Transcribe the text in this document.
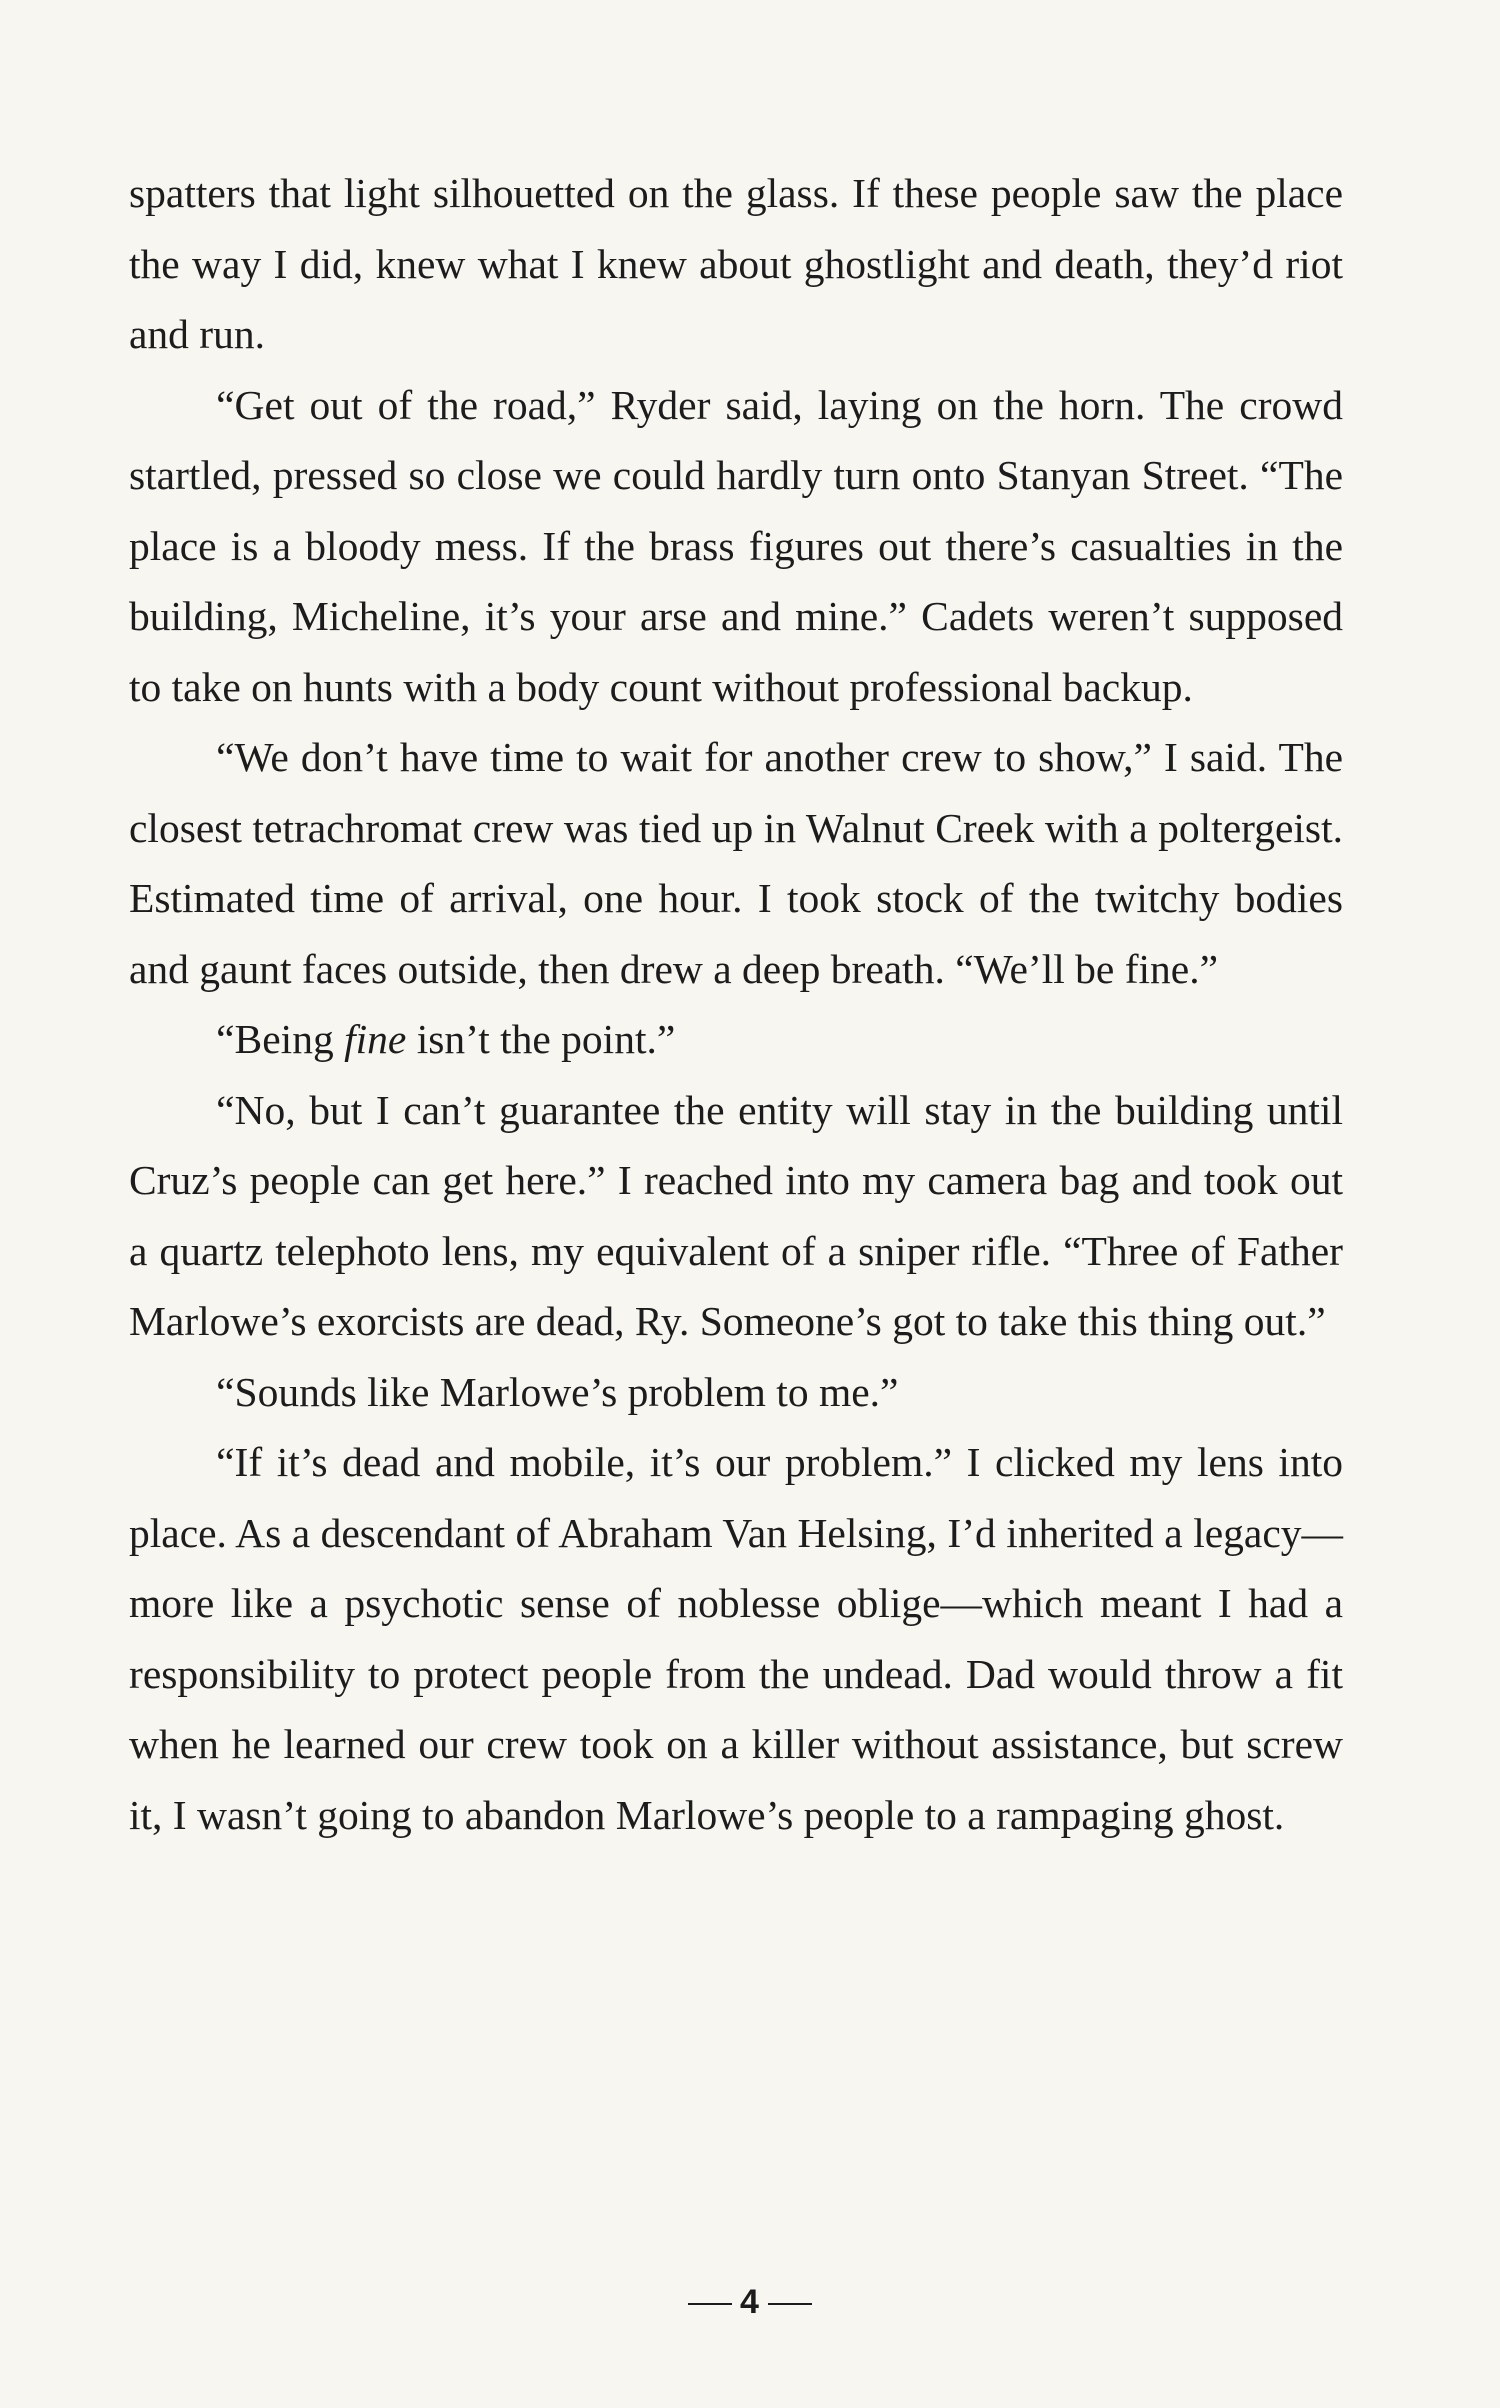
spatters that light silhouetted on the glass. If these people saw the place the way I did, knew what I knew about ghostlight and death, they’d riot and run.

“Get out of the road,” Ryder said, laying on the horn. The crowd startled, pressed so close we could hardly turn onto Stanyan Street. “The place is a bloody mess. If the brass figures out there’s casualties in the building, Micheline, it’s your arse and mine.” Cadets weren’t supposed to take on hunts with a body count without professional backup.

“We don’t have time to wait for another crew to show,” I said. The closest tetrachromat crew was tied up in Walnut Creek with a poltergeist. Estimated time of arrival, one hour. I took stock of the twitchy bodies and gaunt faces outside, then drew a deep breath. “We’ll be fine.”

“Being fine isn’t the point.”

“No, but I can’t guarantee the entity will stay in the building until Cruz’s people can get here.” I reached into my camera bag and took out a quartz telephoto lens, my equivalent of a sniper rifle. “Three of Father Marlowe’s exorcists are dead, Ry. Someone’s got to take this thing out.”

“Sounds like Marlowe’s problem to me.”

“If it’s dead and mobile, it’s our problem.” I clicked my lens into place. As a descendant of Abraham Van Helsing, I’d inherited a legacy—more like a psychotic sense of noblesse oblige—which meant I had a responsibility to protect people from the undead. Dad would throw a fit when he learned our crew took on a killer without assistance, but screw it, I wasn’t going to abandon Marlowe’s people to a rampaging ghost.

4
